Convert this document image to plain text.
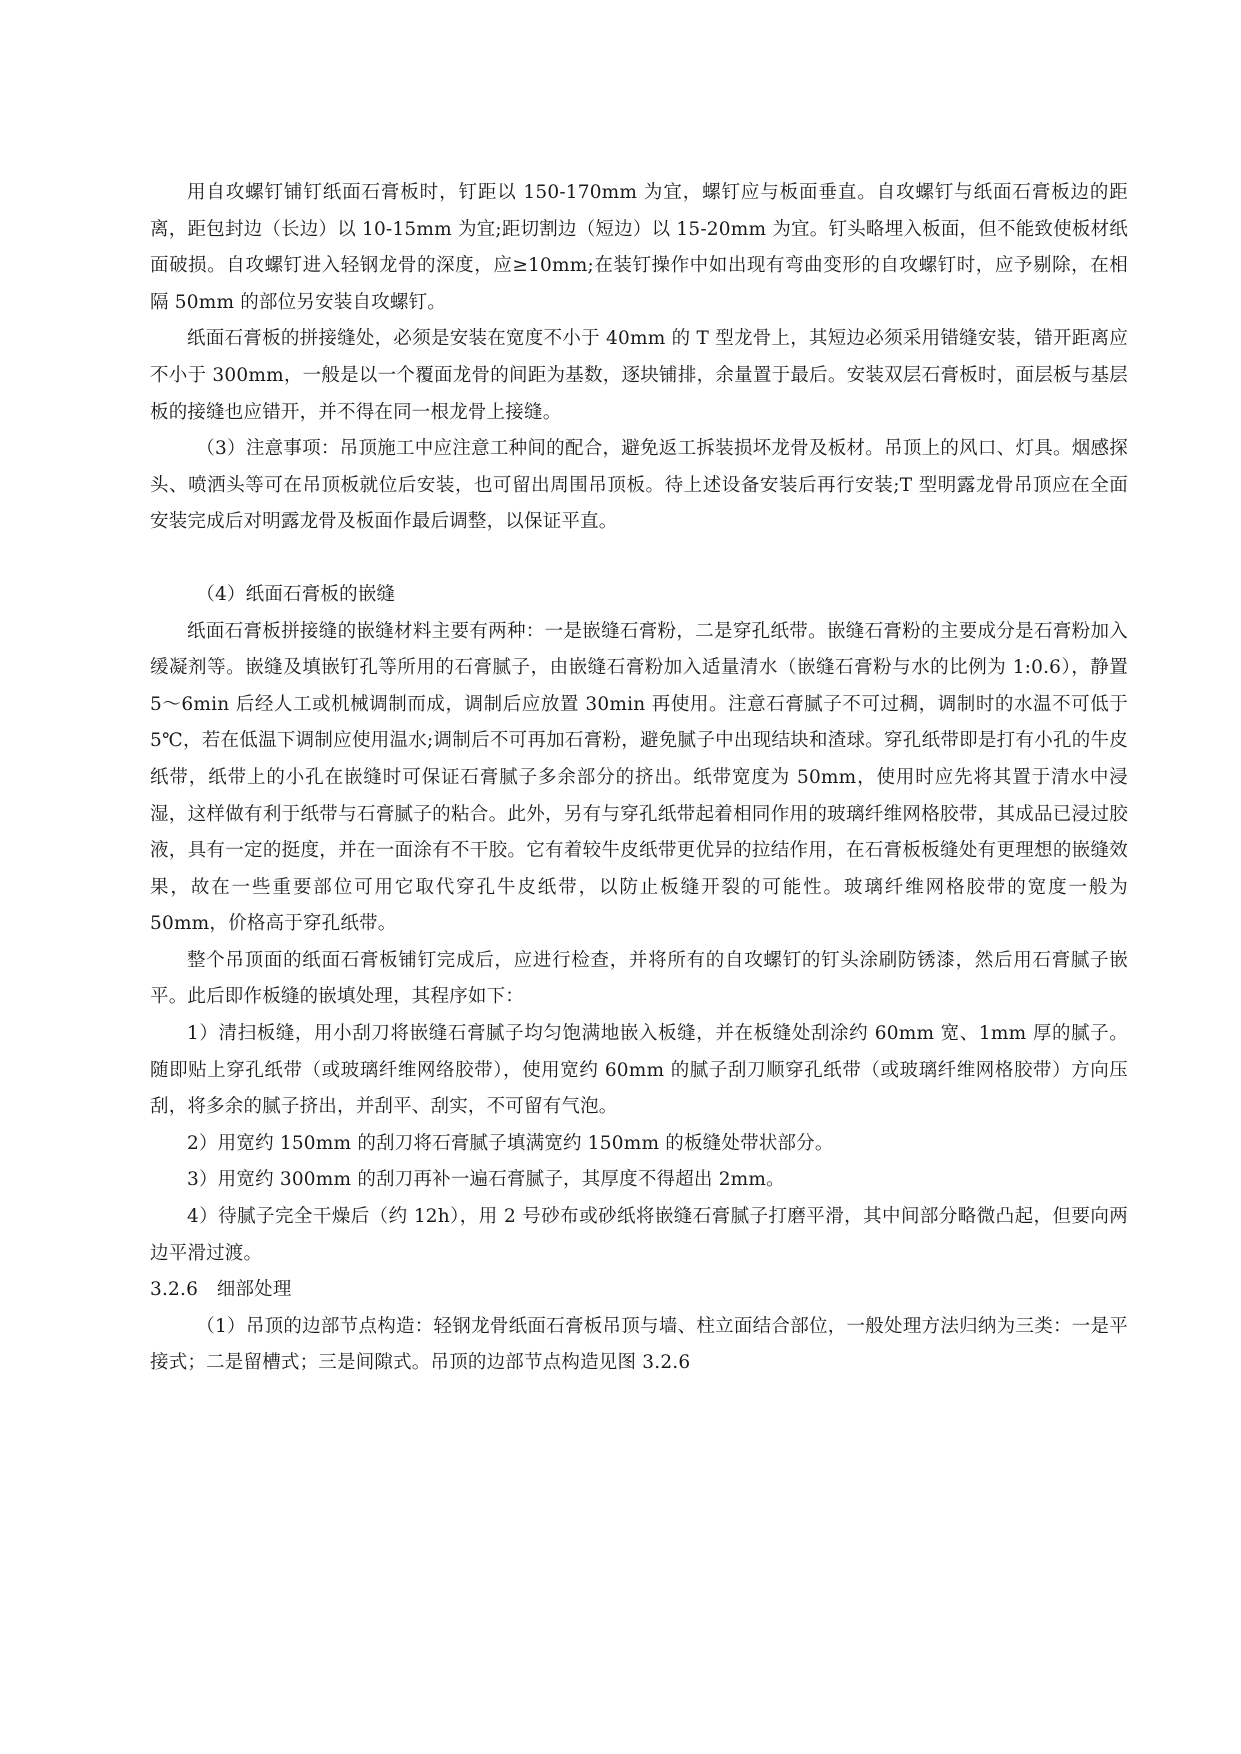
用自攻螺钉铺钉纸面石膏板时，钉距以 150-170mm 为宜，螺钉应与板面垂直。自攻螺钉与纸面石膏板边的距离，距包封边（长边）以 10-15mm 为宜;距切割边（短边）以 15-20mm 为宜。钉头略埋入板面，但不能致使板材纸面破损。自攻螺钉进入轻钢龙骨的深度，应≥10mm;在装钉操作中如出现有弯曲变形的自攻螺钉时，应予剔除，在相隔 50mm 的部位另安装自攻螺钉。

纸面石膏板的拼接缝处，必须是安装在宽度不小于 40mm 的 T 型龙骨上，其短边必须采用错缝安装，错开距离应不小于 300mm，一般是以一个覆面龙骨的间距为基数，逐块铺排，余量置于最后。安装双层石膏板时，面层板与基层板的接缝也应错开，并不得在同一根龙骨上接缝。

（3）注意事项：吊顶施工中应注意工种间的配合，避免返工拆装损坏龙骨及板材。吊顶上的风口、灯具。烟感探头、喷洒头等可在吊顶板就位后安装，也可留出周围吊顶板。待上述设备安装后再行安装;T 型明露龙骨吊顶应在全面安装完成后对明露龙骨及板面作最后调整，以保证平直。

（4）纸面石膏板的嵌缝

纸面石膏板拼接缝的嵌缝材料主要有两种：一是嵌缝石膏粉，二是穿孔纸带。嵌缝石膏粉的主要成分是石膏粉加入缓凝剂等。嵌缝及填嵌钉孔等所用的石膏腻子，由嵌缝石膏粉加入适量清水（嵌缝石膏粉与水的比例为 1:0.6），静置 5～6min 后经人工或机械调制而成，调制后应放置 30min 再使用。注意石膏腻子不可过稠，调制时的水温不可低于 5℃，若在低温下调制应使用温水;调制后不可再加石膏粉，避免腻子中出现结块和渣球。穿孔纸带即是打有小孔的牛皮纸带，纸带上的小孔在嵌缝时可保证石膏腻子多余部分的挤出。纸带宽度为 50mm，使用时应先将其置于清水中浸湿，这样做有利于纸带与石膏腻子的粘合。此外，另有与穿孔纸带起着相同作用的玻璃纤维网格胶带，其成品已浸过胶液，具有一定的挺度，并在一面涂有不干胶。它有着较牛皮纸带更优异的拉结作用，在石膏板板缝处有更理想的嵌缝效果，故在一些重要部位可用它取代穿孔牛皮纸带，以防止板缝开裂的可能性。玻璃纤维网格胶带的宽度一般为 50mm，价格高于穿孔纸带。

整个吊顶面的纸面石膏板铺钉完成后，应进行检查，并将所有的自攻螺钉的钉头涂刷防锈漆，然后用石膏腻子嵌平。此后即作板缝的嵌填处理，其程序如下：

1）清扫板缝，用小刮刀将嵌缝石膏腻子均匀饱满地嵌入板缝，并在板缝处刮涂约 60mm 宽、1mm 厚的腻子。随即贴上穿孔纸带（或玻璃纤维网络胶带），使用宽约 60mm 的腻子刮刀顺穿孔纸带（或玻璃纤维网格胶带）方向压刮，将多余的腻子挤出，并刮平、刮实，不可留有气泡。

2）用宽约 150mm 的刮刀将石膏腻子填满宽约 150mm 的板缝处带状部分。

3）用宽约 300mm 的刮刀再补一遍石膏腻子，其厚度不得超出 2mm。

4）待腻子完全干燥后（约 12h），用 2 号砂布或砂纸将嵌缝石膏腻子打磨平滑，其中间部分略微凸起，但要向两边平滑过渡。

3.2.6　细部处理

（1）吊顶的边部节点构造：轻钢龙骨纸面石膏板吊顶与墙、柱立面结合部位，一般处理方法归纳为三类：一是平接式；二是留槽式；三是间隙式。吊顶的边部节点构造见图 3.2.6
